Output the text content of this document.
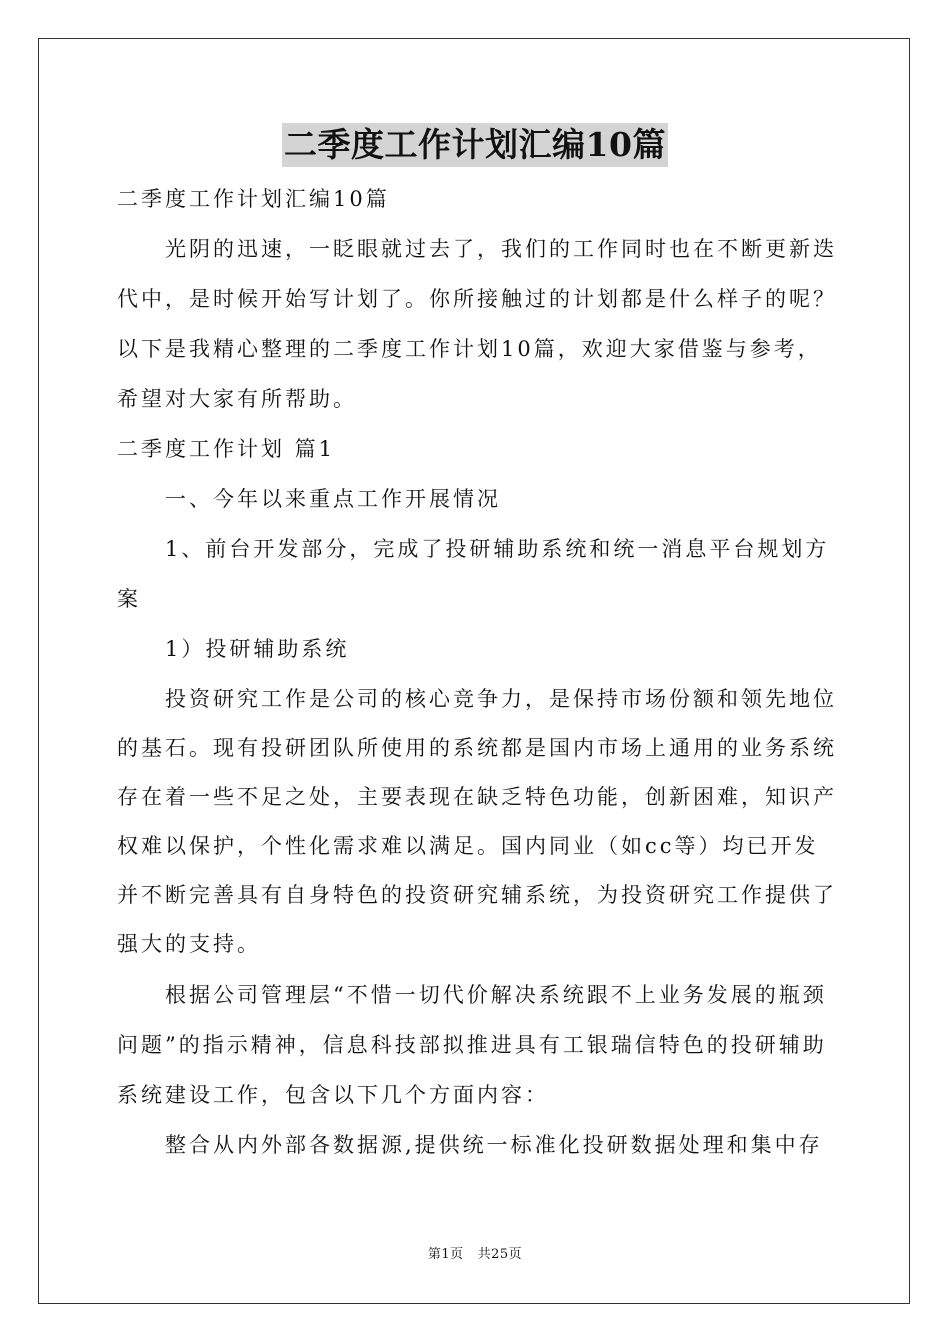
二季度工作计划汇编10篇
二季度工作计划汇编10篇
光阴的迅速，一眨眼就过去了，我们的工作同时也在不断更新迭
代中，是时候开始写计划了。你所接触过的计划都是什么样子的呢？
以下是我精心整理的二季度工作计划10篇，欢迎大家借鉴与参考，
希望对大家有所帮助。
二季度工作计划 篇1
一、今年以来重点工作开展情况
1、前台开发部分，完成了投研辅助系统和统一消息平台规划方
案
1）投研辅助系统
投资研究工作是公司的核心竞争力，是保持市场份额和领先地位
的基石。现有投研团队所使用的系统都是国内市场上通用的业务系统
存在着一些不足之处，主要表现在缺乏特色功能，创新困难，知识产
权难以保护，个性化需求难以满足。国内同业（如cc等）均已开发
并不断完善具有自身特色的投资研究辅系统，为投资研究工作提供了
强大的支持。
根据公司管理层“不惜一切代价解决系统跟不上业务发展的瓶颈
问题”的指示精神，信息科技部拟推进具有工银瑞信特色的投研辅助
系统建设工作，包含以下几个方面内容：
整合从内外部各数据源,提供统一标准化投研数据处理和集中存
第1页 共25页
